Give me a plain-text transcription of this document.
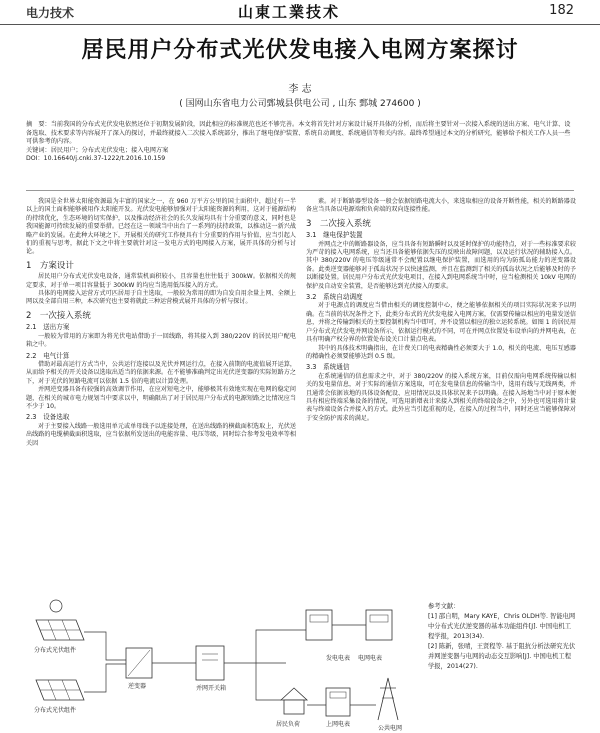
电力技术	山東工業技术	182
居民用户分布式光伏发电接入电网方案探讨
李 志
( 国网山东省电力公司鄄城县供电公司 , 山东 鄄城 274600 )

摘　要：当前我国的分布式光伏发电依然还位于初期发展阶段，因此相应的标准规范也还不够完善。本文将首先针对方案设计展开具体的分析，而后将主要针对一次接入系统的送出方案、电气计算、设备选取、技术要求等内容展开了深入的探讨，并最终就接入二次接入系统部分，推出了继电保护装置、系统自动调度、系统通信等和关内容。最终希望通过本文的分析研究，能够给予相关工作人员一些可供参考的内容。

关键词：居民用户；分布式光伏发电；接入电网方案

DOI：10.16640/j.cnki.37-1222/t.2016.10.159

我国是全世界太阳能资源最为丰富的国家之一，在 960 万平方公里的国土面积中，超过有一半以上的国土面积能够被用作太阳能开发。光伏发电能够加强对于太阳能资源的利用，这对于能源结构的持续优化，生态环境的切实保护，以及推动经济社会的长久发展均具有十分重要的意义，同时也是我国能源可持续发展的重要举措。已经在这一领域当中出台了一系列的扶持政策，以推动这一新兴战略产业的发展。在此种大环境之下，开展相关的研究工作便具有十分重要的作用与价值，应当引起人们的重视与思考，据此下文之中将主要就针对这一发电方式的电网接入方案，展开具体的分析与讨论。

1　方案设计

居民用户分布式光伏发电设备，通常装机面积较小，且容量也往往低于 300kW。依据相关的规定要求，对于单一项目容量低于 300kW 的均应当选用低压接入的方式。

具体的电网接入运营方式可匹居用于自主选取，一般较为常用的即为自发自用余量上网、全额上网以及全部自用三种，本次研究也主要将就此三种运营模式展开具体的分析与探讨。

2　一次接入系统
2.1　送出方案

一般较为常用的方案即为将光伏电站借助于一回线路，将其接入到 380/220V 的居民用户配电箱之中。

2.2　电气计算

借助对最高运行方式当中，公共运行连接以及光伏并网运行点，在接入前期的电流值展开运算，从而给予相关的开关设备以选取出适当的依据来源。在不能够准确判定出光伏逆变器的实际短路方之下，对于光伏的短路电流可以依据 1.5 倍的电流以计算处理。

并网逆变器具备有较强的高效调节作用，在应对短电之中，能够极其有效地实现在电网的稳定问题，在相关的城市电力规划当中要求以中，明确限出了对于居民用户分布式的电源短路之比情况应当不少于 10。

2.3　设备选取

对于主要接入线路一般选用单元或单母线予以连接处理，在送出线路的横截面积选取上，光伏送出线路的电缆横截面积选取，应当依据所发送出的电能容量、电压等级，同时综合参考发电效率等相关因

素。对于断路器型设备一般会依据短路电流大小，来选取相应的设备开断性能，相关的断路器设备应当具备以电源端和负荷端的双向连接性能。

3　二次接入系统
3.1　继电保护装置

并网点之中的断路器设备，应当具备有短路瞬时以及延时保护的功能特点，对于一些标准要求较为严苛的接入电网系统，应当还具备能够依据失压的反映出故障问题，以及运行状况的辅助接入点。其中 380/220V 的电压等级通常不会配置以继电保护装置，而选用的均为防孤岛能力的逆变器设备。此类逆变器能够对于孤岛状况予以快速监测，并且在监测到了相关的孤岛状况之后能够及时的予以断接处置。居民用户分布式光伏发电项目，在接入到电网系统当中时，应当检测相关 10kV 电网的保护及自动安全装置，是否能够达到光伏接入的要求。

3.2　系统自动调度

对于电源点的调度应当借由相关的调度控制中心，便之能够依据相关的项目实际状况来予以明确。在当前的状况条件之下，此类分布式的光伏发电接入电网方案，仅需要传输以相应的电量发送信息，并将之传输到相关的主要控制机构当中即可，并不设置以相应的独立运转系统。如图 1 的居民用户分布式光伏发电并网设备所示，依据运行模式的不同，可在并网点位置处布设单向的并网电表，在具有明确产权分界的位置处布设关口计量点电表。

其中的具体技术明确指出，在计费关口的电表精确性必须要大于 1.0，相关的电流、电压互感器的精确性必须要能够达到 0.5 级。

3.3　系统通信

在系统通信的信息需求之中，对于 380/220V 的接入系统方案，目前仅需向电网系统传输以相关的发电量信息，对于实际的通信方案选取，可在发电量信息的传输当中，选用有线与无线两类，并且通常会依据该地的具体设备配设、应用情况以及具体状况来予以明确。在接入场地当中对于原本便具有相应终端采集设备的情况，可选用新增表计来接入到相关的终端设备之中，另外也可选用将计量表与终端设备合并接入的方式。此外应当引起重视的是，在接入的过程当中，同时还应当能够保障对于安全防护需求的满足。

参考文献：

[1] 邵自明，Mary KAYE，Chris OLDH等. 智能电网中分布式光伏逆变器的基本功能组件[J]. 中国电机工程学报，2013(34).

[2] 陈新，张晴，王贤程等. 基于阻抗分析法研究光伏并网逆变器与电网的动态交互影响[J]. 中国电机工程学报，2014(27).

分布式光伏组件
分布式光伏组件
逆变器	并网开关箱
发电电表 电网电表
居民负荷	上网电表
公共电网
